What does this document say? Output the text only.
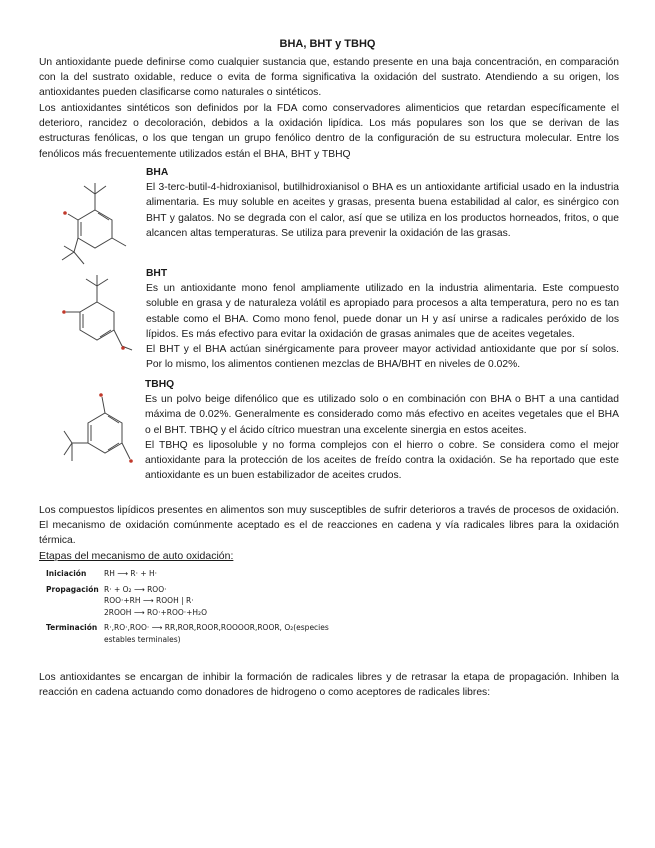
BHA, BHT y TBHQ

Un antioxidante puede definirse como cualquier sustancia que, estando presente en una baja concentración, en comparación con la del sustrato oxidable, reduce o evita de forma significativa la oxidación del sustrato. Atendiendo a su origen, los antioxidantes pueden clasificarse como naturales o sintéticos.

Los antioxidantes sintéticos son definidos por la FDA como conservadores alimenticios que retardan específicamente el deterioro, rancidez o decoloración, debidos a la oxidación lipídica. Los más populares son los que se derivan de las estructuras fenólicas, o los que tengan un grupo fenólico dentro de la configuración de su estructura molecular. Entre los fenólicos más frecuentemente utilizados están el BHA, BHT y TBHQ

BHA
El 3-terc-butil-4-hidroxianisol, butilhidroxianisol o BHA es un antioxidante artificial usado en la industria alimentaria. Es muy soluble en aceites y grasas, presenta buena estabilidad al calor, es sinérgico con BHT y galatos. No se degrada con el calor, así que se utiliza en los productos horneados, fritos, o que alcancen altas temperaturas. Se utiliza para prevenir la oxidación de las grasas.
BHT
Es un antioxidante mono fenol ampliamente utilizado en la industria alimentaria. Este compuesto soluble en grasa y de naturaleza volátil es apropiado para procesos a alta temperatura, pero no es tan estable como el BHA. Como mono fenol, puede donar un H y así unirse a radicales peróxido de los lípidos. Es más efectivo para evitar la oxidación de grasas animales que de aceites vegetales.
El BHT y el BHA actúan sinérgicamente para proveer mayor actividad antioxidante que por sí solos. Por lo mismo, los alimentos contienen mezclas de BHA/BHT en niveles de 0.02%.
TBHQ
Es un polvo beige difenólico que es utilizado solo o en combinación con BHA o BHT a una cantidad máxima de 0.02%. Generalmente es considerado como más efectivo en aceites vegetales que el BHA o el BHT. TBHQ y el ácido cítrico muestran una excelente sinergia en estos aceites.
El TBHQ es liposoluble y no forma complejos con el hierro o cobre. Se considera como el mejor antioxidante para la protección de los aceites de freído contra la oxidación. Se ha reportado que este antioxidante es un buen estabilizador de aceites crudos.

Los compuestos lipídicos presentes en alimentos son muy susceptibles de sufrir deterioros a través de procesos de oxidación. El mecanismo de oxidación comúnmente aceptado es el de reacciones en cadena y vía radicales libres para la oxidación térmica.

Etapas del mecanismo de auto oxidación:
Iniciación RH ⟶ R· + H·
Propagación R· + O₂ ⟶ ROO·
ROO·+RH ⟶ ROOH | R·
2ROOH ⟶ RO·+ROO·+H₂O
Terminación R·,RO·,ROO· ⟶ RR,ROR,ROOR,ROOOOR,ROOR, O₂(especies
estables terminales)

Los antioxidantes se encargan de inhibir la formación de radicales libres y de retrasar la etapa de propagación. Inhiben la reacción en cadena actuando como donadores de hidrogeno o como aceptores de radicales libres:
